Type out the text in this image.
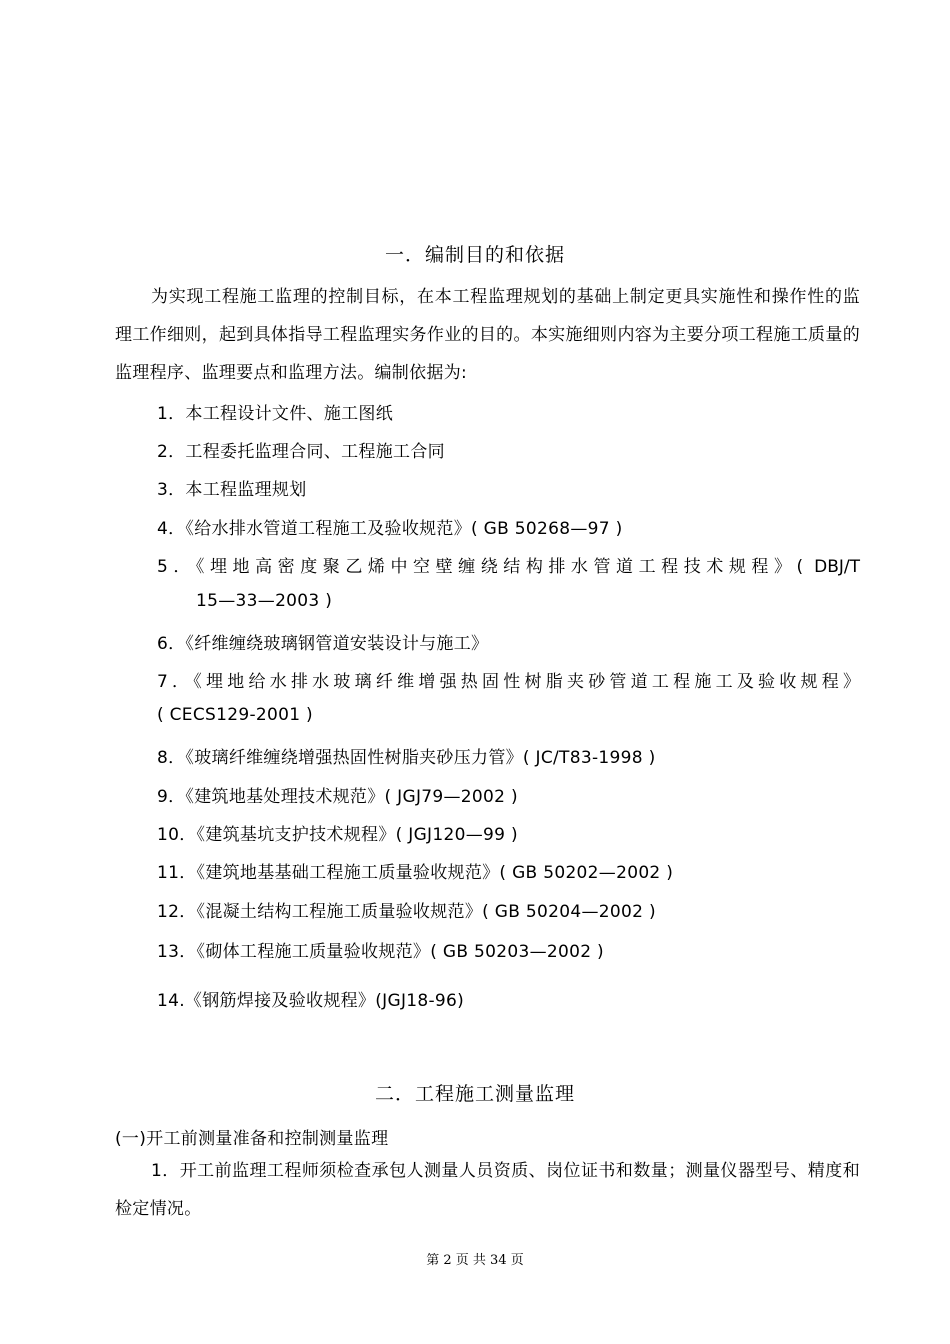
一．编制目的和依据
为实现工程施工监理的控制目标，在本工程监理规划的基础上制定更具实施性和操作性的监理工作细则，起到具体指导工程监理实务作业的目的。本实施细则内容为主要分项工程施工质量的监理程序、监理要点和监理方法。编制依据为:
1．本工程设计文件、施工图纸
2．工程委托监理合同、工程施工合同
3．本工程监理规划
4．《给水排水管道工程施工及验收规范》( GB 50268—97 )
5．《埋地高密度聚乙烯中空壁缠绕结构排水管道工程技术规程》( DBJ/T
15—33—2003 )
6．《纤维缠绕玻璃钢管道安装设计与施工》
7．《埋地给水排水玻璃纤维增强热固性树脂夹砂管道工程施工及验收规程》
( CECS129-2001 )
8．《玻璃纤维缠绕增强热固性树脂夹砂压力管》( JC/T83-1998 )
9．《建筑地基处理技术规范》( JGJ79—2002 )
10．《建筑基坑支护技术规程》( JGJ120—99 )
11．《建筑地基基础工程施工质量验收规范》( GB 50202—2002 )
12．《混凝土结构工程施工质量验收规范》( GB 50204—2002 )
13．《砌体工程施工质量验收规范》( GB 50203—2002 )
14.《钢筋焊接及验收规程》(JGJ18-96)
二．工程施工测量监理
(一)开工前测量准备和控制测量监理
1．开工前监理工程师须检查承包人测量人员资质、岗位证书和数量；测量仪器型号、精度和检定情况。
第 2 页 共 34 页
